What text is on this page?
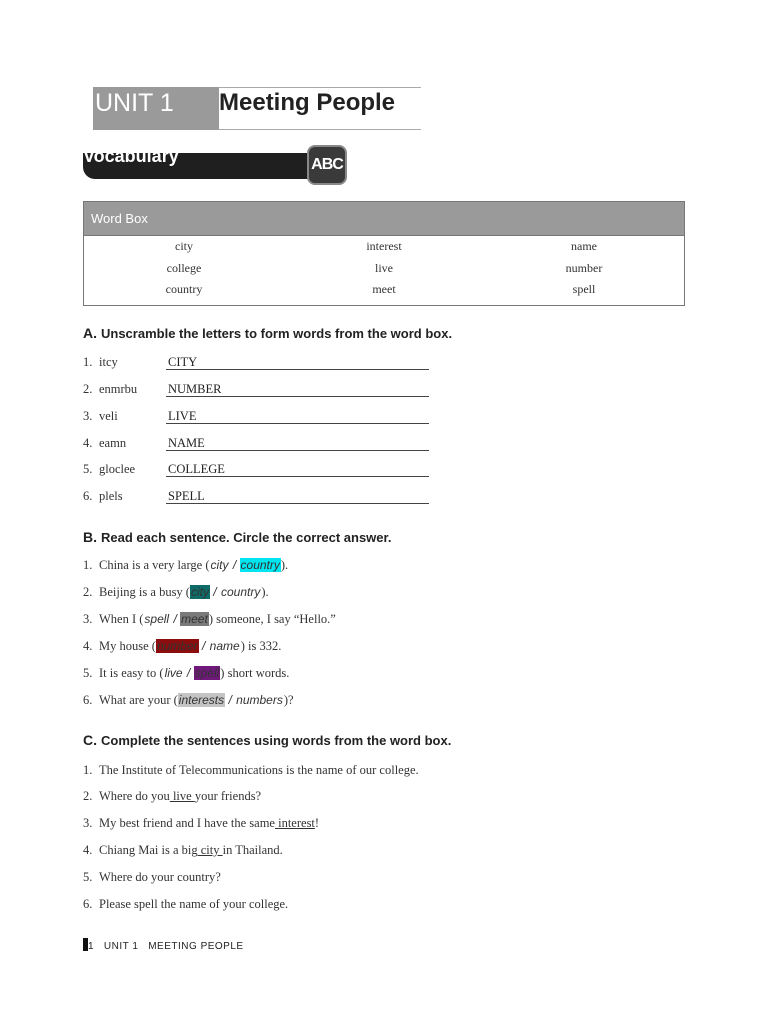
UNIT 1	Meeting People
Vocabulary	ABC
Word Box
city	interest	name
college	live	number
country	meet	spell
A. Unscramble the letters to form words from the word box.
1. itcy	CITY
2. enmrbu NUMBER
3. veli	LIVE
4. eamn	NAME
5. gloclee	COLLEGE
6. plels	SPELL
B. Read each sentence. Circle the correct answer.
1. China is a very large (city / country).
2. Beijing is a busy (city / country).
3. When I (spell / meet) someone, I say “Hello.”
4. My house (number / name) is 332.
5. It is easy to (live / spell) short words.
6. What are your (interests / numbers)?
C. Complete the sentences using words from the word box.
1. The Institute of Telecommunications is the name of our college.
2. Where do you live your friends?
3. My best friend and I have the same interest!
4. Chiang Mai is a big city in Thailand.
5. Where do your country?
6. Please spell the name of your college.
1 UNIT 1   MEETING PEOPLE
